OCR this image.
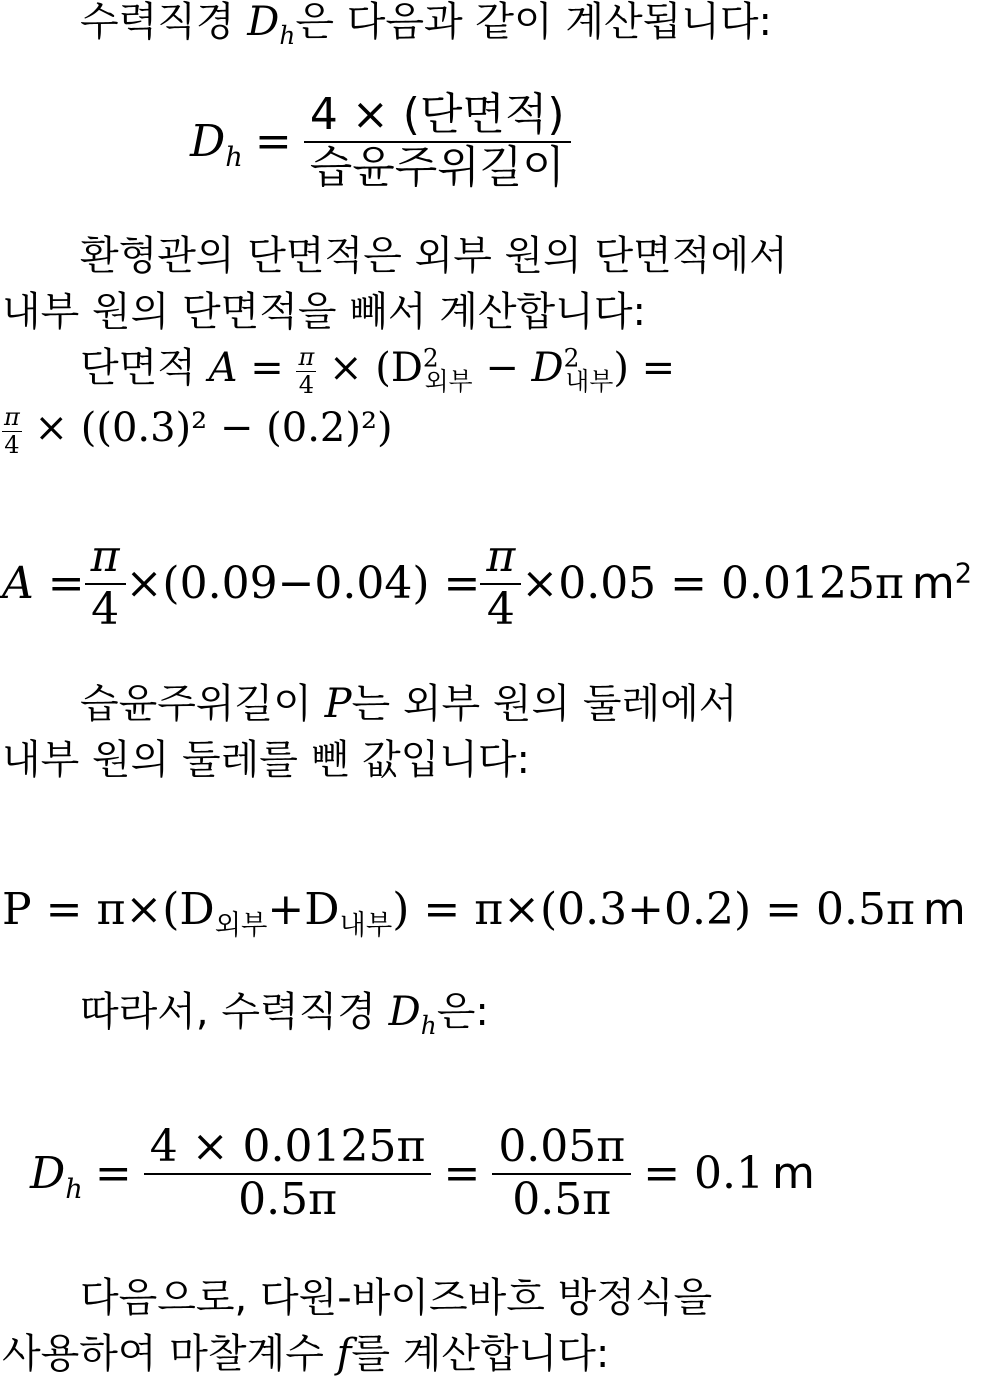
수력직경 $D_h$은 다음과 같이 계산됩니다:
$D_h = \frac{\text{4 × (단면적)}}{\text{습윤주위길이}}$
환형관의 단면적은 외부 원의 단면적에서
내부 원의 단면적을 빼서 계산합니다:
단면적 $A = \frac{\pi}{4} \times (D^2_{외부} - D^2_{내부})$ =
$\frac{\pi}{4} \times ((0.3)^2 - (0.2)^2)$
$A = \frac{\pi}{4} \times(0.09-0.04) = \frac{\pi}{4} \times 0.05 = 0.0125\pi$ $m^2$
습윤주위길이 P는 외부 원의 둘레에서
내부 원의 둘레를 뺀 값입니다:
$P = \pi\times(D_{외부}+D_{내부}) = \pi\times(0.3+0.2) = 0.5\pi$ m
따라서, 수력직경 $D_h$은:
$D_h = \frac{4 \times 0.0125\pi}{0.5\pi} = \frac{0.05\pi}{0.5\pi} = 0.1$ m
다음으로, 다원-바이즈바흐 방정식을
사용하여 마찰계수 f를 계산합니다:
